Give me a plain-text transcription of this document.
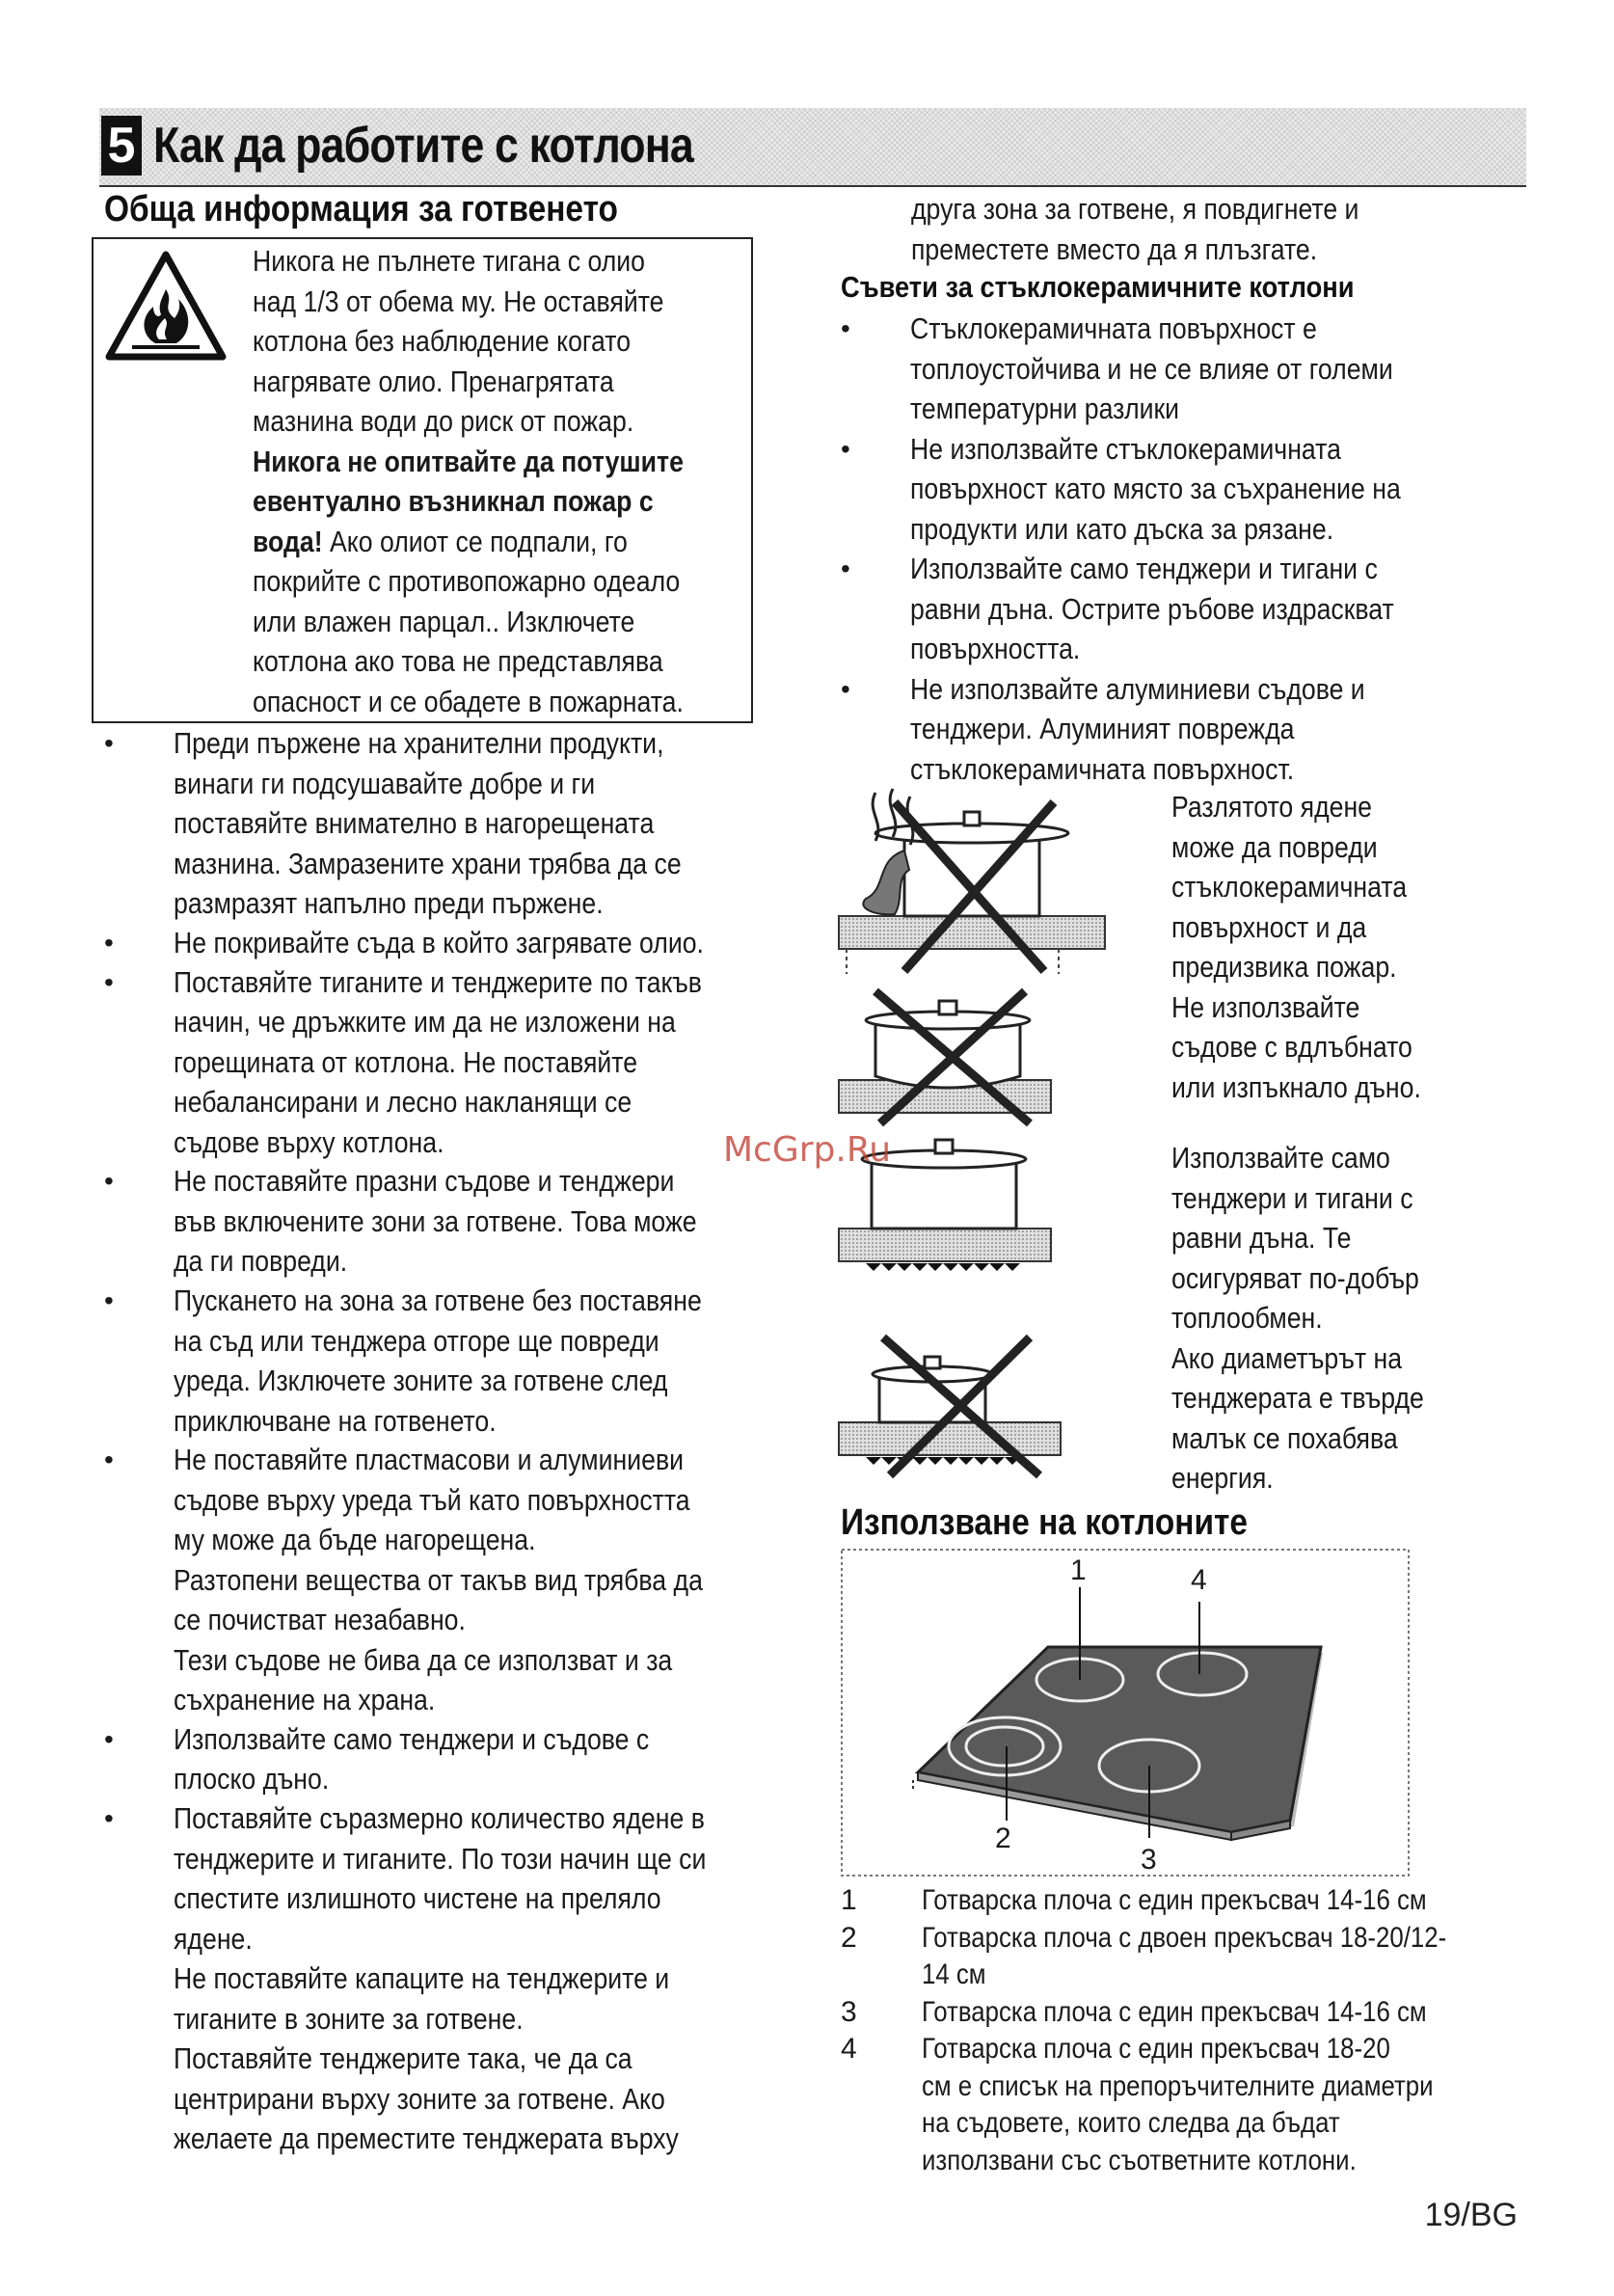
5 Как да работите с котлона
Обща информация за готвенето
Никога не пълнете тигана с олио
над 1/3 от обема му. Не оставяйте
котлона без наблюдение когато
нагрявате олио. Пренагрятата
мазнина води до риск от пожар.
Никога не опитвайте да потушите
евентуално възникнал пожар с
вода! Ако олиот се подпали, го
покрийте с противопожарно одеало
или влажен парцал.. Изключете
котлона ако това не представлява
опасност и се обадете в пожарната.
• Преди пържене на хранителни продукти,
винаги ги подсушавайте добре и ги
поставяйте внимателно в нагорещената
мазнина. Замразените храни трябва да се
размразят напълно преди пържене.
• Не покривайте съда в който загрявате олио.
• Поставяйте тиганите и тенджерите по такъв
начин, че дръжките им да не изложени на
горещината от котлона. Не поставяйте
небалансирани и лесно накланящи се
съдове върху котлона.
• Не поставяйте празни съдове и тенджери
във включените зони за готвене. Това може
да ги повреди.
• Пускането на зона за готвене без поставяне
на съд или тенджера отгоре ще повреди
уреда. Изключете зоните за готвене след
приключване на готвенето.
• Не поставяйте пластмасови и алуминиеви
съдове върху уреда тъй като повърхността
му може да бъде нагорещена.
Разтопени вещества от такъв вид трябва да
се почистват незабавно.
Тези съдове не бива да се използват и за
съхранение на храна.
• Използвайте само тенджери и съдове с
плоско дъно.
• Поставяйте съразмерно количество ядене в
тенджерите и тиганите. По този начин ще си
спестите излишното чистене на преляло
ядене.
Не поставяйте капаците на тенджерите и
тиганите в зоните за готвене.
Поставяйте тенджерите така, че да са
центрирани върху зоните за готвене. Ако
желаете да преместите тенджерата върху
друга зона за готвене, я повдигнете и
преместете вместо да я плъзгате.
Съвети за стъклокерамичните котлони
• Стъклокерамичната повърхност е
топлоустойчива и не се влияе от големи
температурни разлики
• Не използвайте стъклокерамичната
повърхност като място за съхранение на
продукти или като дъска за рязане.
• Използвайте само тенджери и тигани с
равни дъна. Острите ръбове издраскват
повърхността.
• Не използвайте алуминиеви съдове и
тенджери. Алуминият поврежда
стъклокерамичната повърхност.
Разлятото ядене
може да повреди
стъклокерамичната
повърхност и да
предизвика пожар.
Не използвайте
съдове с вдлъбнато
или изпъкнало дъно.
Използвайте само
тенджери и тигани с
равни дъна. Те
осигуряват по-добър
топлообмен.
Ако диаметърът на
тенджерата е твърде
малък се похабява
енергия.
Използване на котлоните
1	4
2
3
1 Готварска плоча с един прекъсвач 14-16 см
2 Готварска плоча с двоен прекъсвач 18-20/12-
14 см
3 Готварска плоча с един прекъсвач 14-16 см
4 Готварска плоча с един прекъсвач 18-20
см е списък на препоръчителните диаметри
на съдовете, които следва да бъдат
използвани със съответните котлони.
McGrp.Ru
19/BG
